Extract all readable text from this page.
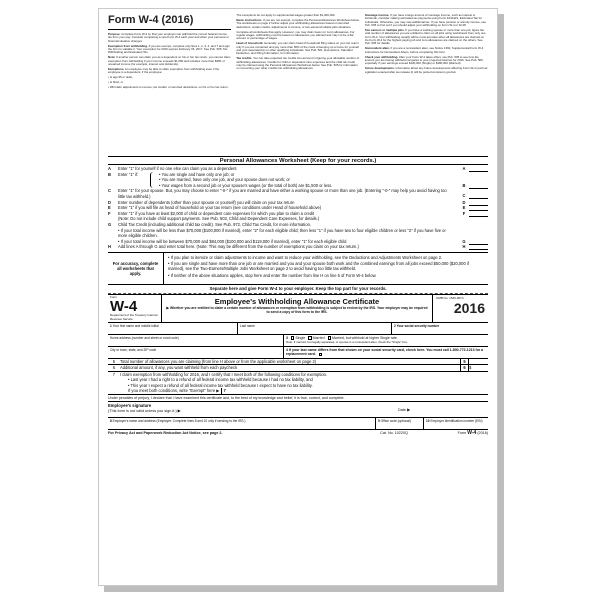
Form W-4 (2016)

Purpose. Complete Form W-4 so that your employer can withhold the correct federal income tax from your pay. Consider completing a new Form W-4 each year and when your personal or financial situation changes.

Exemption from withholding. If you are exempt, complete only lines 1, 2, 3, 4, and 7 and sign the form to validate it. Your exemption for 2016 expires February 15, 2017. See Pub. 505, Tax Withholding and Estimated Tax.

Note: If another person can claim you as a dependent on his or her tax return, you cannot claim exemption from withholding if your income exceeds $1,050 and includes more than $350 of unearned income (for example, interest and dividends).

Exceptions. An employee may be able to claim exemption from withholding even if the employee is a dependent, if the employee:

• Is age 65 or older,

• Is blind, or

• Will claim adjustments to income; tax credits; or itemized deductions, on his or her tax return.

The exceptions do not apply to supplemental wages greater than $1,000,000.

Basic instructions. If you are not exempt, complete the Personal Allowances Worksheet below. The worksheets on page 2 further adjust your withholding allowances based on itemized deductions, certain credits, adjustments to income, or two-earners/multiple jobs situations.

Complete all worksheets that apply. However, you may claim fewer (or zero) allowances. For regular wages, withholding must be based on allowances you claimed and may not be a flat amount or percentage of wages.

Head of household. Generally, you can claim head of household filing status on your tax return only if you are unmarried and pay more than 50% of the costs of keeping up a home for yourself and your dependent(s) or other qualifying individuals. See Pub. 501, Exemptions, Standard Deduction, and Filing Information, for information.

Tax credits. You can take projected tax credits into account in figuring your allowable number of withholding allowances. Credits for child or dependent care expenses and the child tax credit may be claimed using the Personal Allowances Worksheet below. See Pub. 505 for information on converting your other credits into withholding allowances.

Nonwage income. If you have a large amount of nonwage income, such as interest or dividends, consider making estimated tax payments using Form 1040-ES, Estimated Tax for Individuals. Otherwise, you may owe additional tax. If you have pension or annuity income, see Pub. 505 to find out if you should adjust your withholding on Form W-4 or W-4P.

Two earners or multiple jobs. If you have a working spouse or more than one job, figure the total number of allowances you are entitled to claim on all jobs using worksheets from only one Form W-4. Your withholding usually will be most accurate when all allowances are claimed on the Form W-4 for the highest paying job and zero allowances are claimed on the others. See Pub. 505 for details.

Nonresident alien. If you are a nonresident alien, see Notice 1392, Supplemental Form W-4 Instructions for Nonresident Aliens, before completing this form.

Check your withholding. After your Form W-4 takes effect, use Pub. 505 to see how the amount you are having withheld compares to your projected total tax for 2016. See Pub. 505, especially if your earnings exceed $130,000 (Single) or $180,000 (Married).

Future developments. Information about any future developments affecting Form W-4 (such as legislation enacted after we release it) will be posted at www.irs.gov/w4.

Personal Allowances Worksheet (Keep for your records.)
A	Enter "1" for yourself if no one else can claim you as a dependent	A
B	Enter "1" if:	• You are single and have only one job; or

• You are married, have only one job, and your spouse does not work; or

• Your wages from a second job or your spouse's wages (or the total of both) are $1,500 or less.	B
C	Enter "1" for your spouse. But, you may choose to enter "-0-" if you are married and have either a working spouse or more than one job. (Entering "-0-" may help you avoid having too little tax withheld.)	C
D	Enter number of dependents (other than your spouse or yourself) you will claim on your tax return	D
E	Enter "1" if you will file as head of household on your tax return (see conditions under Head of household above)	E
F	Enter "1" if you have at least $2,000 of child or dependent care expenses for which you plan to claim a credit	F
(Note: Do not include child support payments. See Pub. 503, Child and Dependent Care Expenses, for details.)
G	Child Tax Credit (including additional child tax credit). See Pub. 972, Child Tax Credit, for more information.

• If your total income will be less than $70,000 ($100,000 if married), enter "2" for each eligible child; then less "1" if you have two to four eligible children or less "2" if you have five or more eligible children.

• If your total income will be between $70,000 and $84,000 ($100,000 and $119,000 if married), enter "1" for each eligible child	G
H	Add lines A through G and enter total here. (Note: This may be different from the number of exemptions you claim on your tax return.)	H
For accuracy, complete all worksheets that apply.

• If you plan to itemize or claim adjustments to income and want to reduce your withholding, see the Deductions and Adjustments Worksheet on page 2.

• If you are single and have more than one job or are married and you and your spouse both work and the combined earnings from all jobs exceed $50,000 ($20,000 if married), see the Two-Earners/Multiple Jobs Worksheet on page 2 to avoid having too little tax withheld.

• If neither of the above situations applies, stop here and enter the number from line H on line 5 of Form W-4 below.

Separate here and give Form W-4 to your employer. Keep the top part for your records.
Form
W-4
Department of the Treasury Internal Revenue Service
Employee's Withholding Allowance Certificate
▶ Whether you are entitled to claim a certain number of allowances or exemption from withholding is subject to review by the IRS. Your employer may be required to send a copy of this form to the IRS.
OMB No. 1545-0074
2016
1 Your first name and middle initial	Last name	2 Your social security number
Home address (number and street or rural route)	3 Single Married Married, but withhold at higher Single rate.
Note: If married, but legally separated, or spouse is a nonresident alien, check the "Single" box.
City or town, state, and ZIP code	4 If your last name differs from that shown on your social security card, check here. You must call 1-800-772-1213 for a replacement card.
5	Total number of allowances you are claiming (from line H above or from the applicable worksheet on page 2)	5
6	Additional amount, if any, you want withheld from each paycheck	6 $
7	I claim exemption from withholding for 2016, and I certify that I meet both of the following conditions for exemption.
• Last year I had a right to a refund of all federal income tax withheld because I had no tax liability, and
• This year I expect a refund of all federal income tax withheld because I expect to have no tax liability.
If you meet both conditions, write "Exempt" here ▶ 7
Under penalties of perjury, I declare that I have examined this certificate and, to the best of my knowledge and belief, it is true, correct, and complete.
Employee's signature
(This form is not valid unless you sign it.) ▶	Date ▶
8 Employer's name and address (Employer: Complete lines 8 and 10 only if sending to the IRS.)	9 Office code (optional)	10 Employer identification number (EIN)
For Privacy Act and Paperwork Reduction Act Notice, see page 2.	Cat. No. 10220Q	Form W-4 (2016)
